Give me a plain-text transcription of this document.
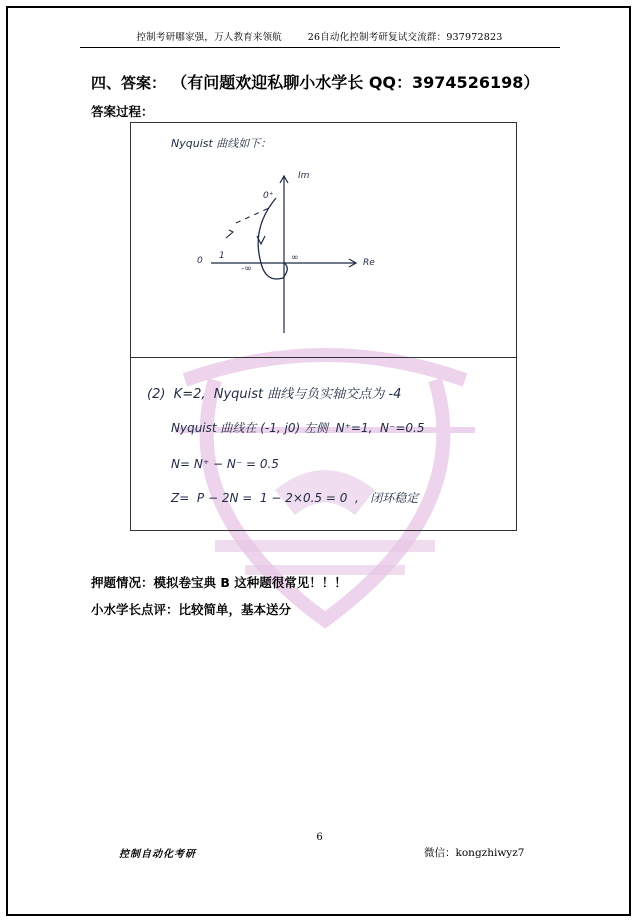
控制考研哪家强，万人教育来领航        26自动化控制考研复试交流群：937972823
四、答案： （有问题欢迎私聊小水学长 QQ：3974526198）
答案过程：
Nyquist 曲线如下：
Im
Re
0⁺
0 1
-∞
∞
(2)  K=2,  Nyquist 曲线与负实轴交点为 -4
Nyquist 曲线在 (-1, j0) 左侧  N⁺=1,  N⁻=0.5
N= N⁺ − N⁻ = 0.5
Z=  P − 2N =  1 − 2×0.5 = 0  ,   闭环稳定
押题情况：模拟卷宝典 B 这种题很常见！！！
小水学长点评：比较简单，基本送分
6
控制自动化考研	微信：kongzhiwyz7
